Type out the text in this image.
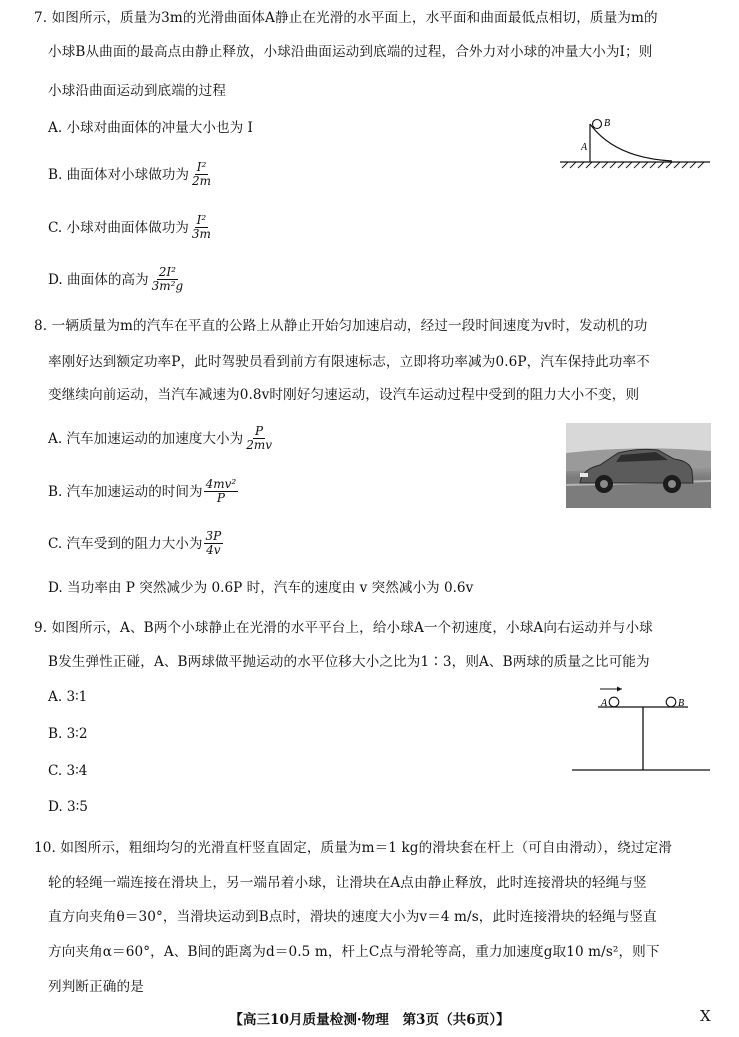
7. 如图所示，质量为3m的光滑曲面体A静止在光滑的水平面上，水平面和曲面最低点相切，质量为m的
小球B从曲面的最高点由静止释放，小球沿曲面运动到底端的过程，合外力对小球的冲量大小为I；则
小球沿曲面运动到底端的过程
A. 小球对曲面体的冲量大小也为 I
B. 曲面体对小球做功为 $\frac{\text{I²}}{2m}$
C. 小球对曲面体做功为 $\frac{\text{I²}}{3m}$
D. 曲面体的高为 $\frac{\text{2I²}}{\text{3m²g}}$
A
B
8. 一辆质量为m的汽车在平直的公路上从静止开始匀加速启动，经过一段时间速度为v时，发动机的功
率刚好达到额定功率P，此时驾驶员看到前方有限速标志，立即将功率减为0.6P，汽车保持此功率不
变继续向前运动，当汽车减速为0.8v时刚好匀速运动，设汽车运动过程中受到的阻力大小不变，则
A. 汽车加速运动的加速度大小为 $\frac{P}{2mv}$
B. 汽车加速运动的时间为 $\frac{\text{4mv²}}{P}$
C. 汽车受到的阻力大小为 $\frac{3P}{4v}$
D. 当功率由 P 突然减少为 0.6P 时，汽车的速度由 v 突然减小为 0.6v
9. 如图所示，A、B两个小球静止在光滑的水平平台上，给小球A一个初速度，小球A向右运动并与小球
B发生弹性正碰，A、B两球做平抛运动的水平位移大小之比为1∶3，则A、B两球的质量之比可能为
A. 3∶1
B. 3∶2
C. 3∶4
D. 3∶5
A	B
10. 如图所示，粗细均匀的光滑直杆竖直固定，质量为m＝1 kg的滑块套在杆上（可自由滑动），绕过定滑
轮的轻绳一端连接在滑块上，另一端吊着小球，让滑块在A点由静止释放，此时连接滑块的轻绳与竖
直方向夹角θ＝30°，当滑块运动到B点时，滑块的速度大小为v＝4 m/s，此时连接滑块的轻绳与竖直
方向夹角α＝60°，A、B间的距离为d＝0.5 m，杆上C点与滑轮等高，重力加速度g取10 m/s²，则下
列判断正确的是
【高三10月质量检测·物理　第3页（共6页）】	X
